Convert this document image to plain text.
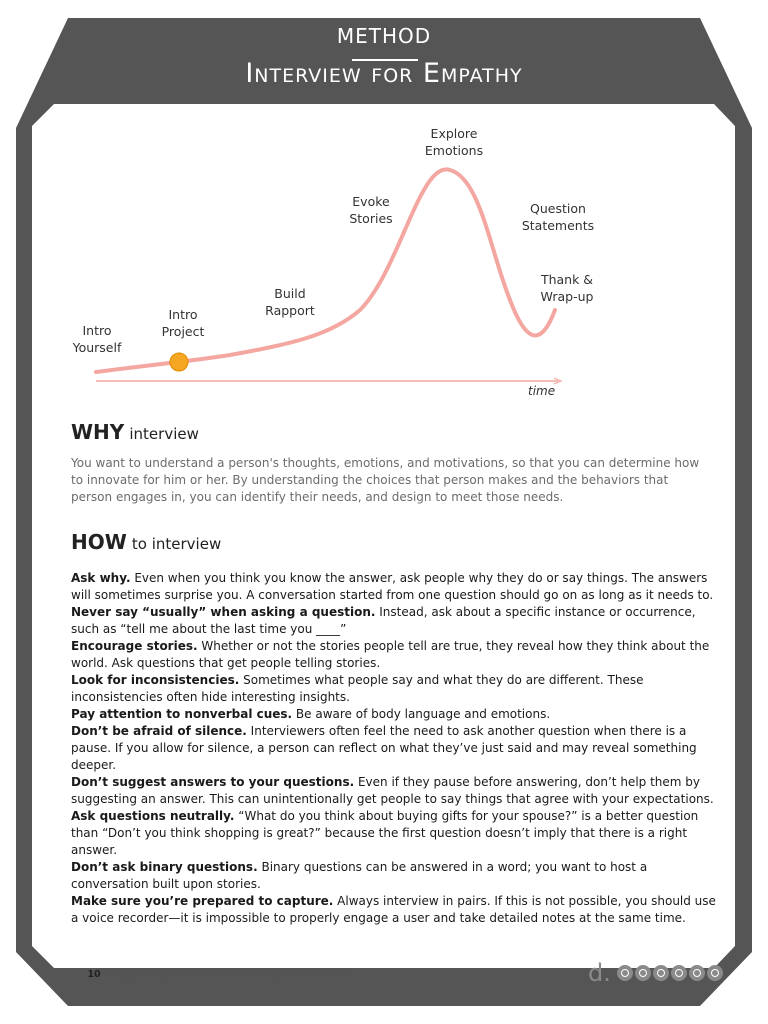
METHOD
Interview for Empathy
Intro
Yourself
Intro
Project
Build
Rapport
Evoke
Stories
Explore
Emotions
Question
Statements
Thank &
Wrap-up
time
WHY interview
You want to understand a person's thoughts, emotions, and motivations, so that you can determine how to innovate for him or her. By understanding the choices that person makes and the behaviors that person engages in, you can identify their needs, and design to meet those needs.
HOW to interview

Ask why. Even when you think you know the answer, ask people why they do or say things. The answers will sometimes surprise you. A conversation started from one question should go on as long as it needs to.

Never say “usually” when asking a question. Instead, ask about a specific instance or occurrence, such as “tell me about the last time you ____”

Encourage stories. Whether or not the stories people tell are true, they reveal how they think about the world. Ask questions that get people telling stories.

Look for inconsistencies. Sometimes what people say and what they do are different. These inconsistencies often hide interesting insights.

Pay attention to nonverbal cues. Be aware of body language and emotions.

Don’t be afraid of silence. Interviewers often feel the need to ask another question when there is a pause. If you allow for silence, a person can reflect on what they’ve just said and may reveal something deeper.

Don’t suggest answers to your questions. Even if they pause before answering, don’t help them by suggesting an answer. This can unintentionally get people to say things that agree with your expectations.

Ask questions neutrally. “What do you think about buying gifts for your spouse?” is a better question than “Don’t you think shopping is great?” because the first question doesn’t imply that there is a right answer.

Don’t ask binary questions. Binary questions can be answered in a word; you want to host a conversation built upon stories.

Make sure you’re prepared to capture. Always interview in pairs. If this is not possible, you should use a voice recorder—it is impossible to properly engage a user and take detailed notes at the same time.

:: 10 :: Visual adapted from Michael Barry, Point Forward	d.
